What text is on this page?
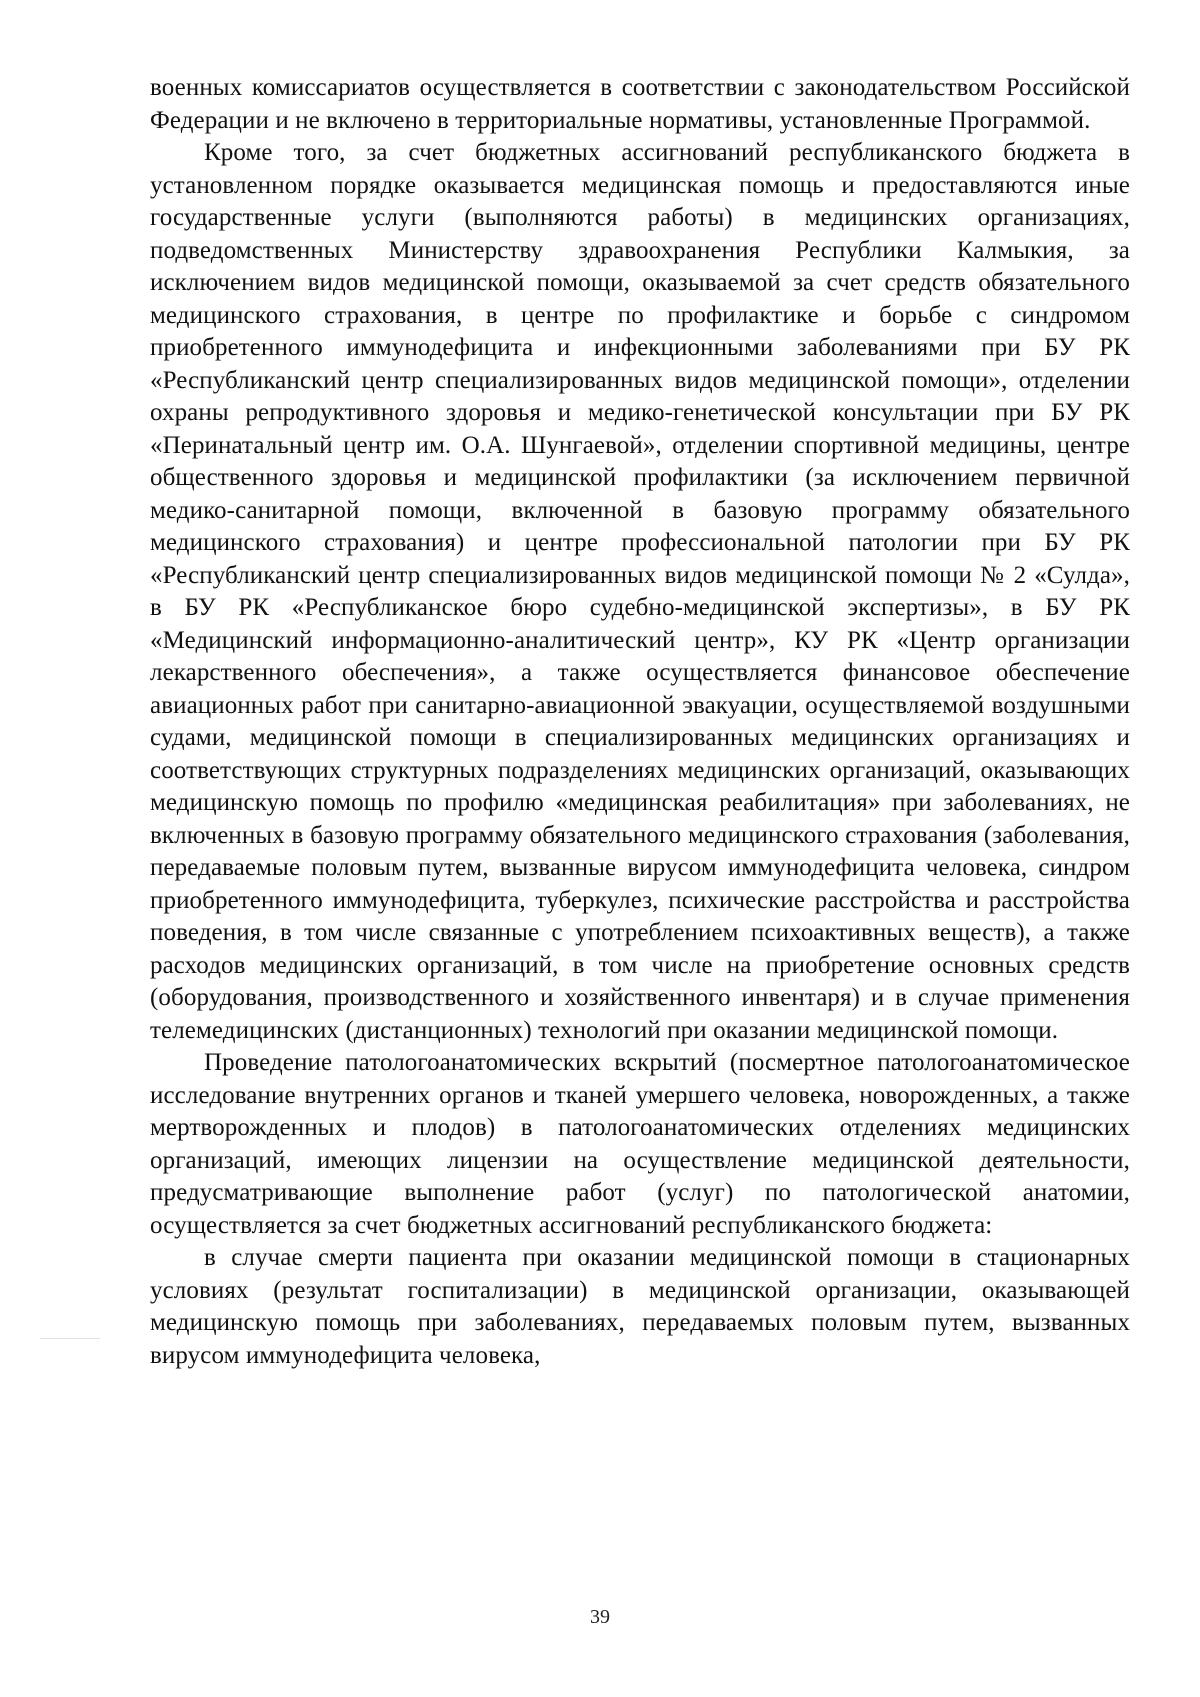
военных комиссариатов осуществляется в соответствии с законодательством Российской Федерации и не включено в территориальные нормативы, установленные Программой.

Кроме того, за счет бюджетных ассигнований республиканского бюджета в установленном порядке оказывается медицинская помощь и предоставляются иные государственные услуги (выполняются работы) в медицинских организациях, подведомственных Министерству здравоохранения Республики Калмыкия, за исключением видов медицинской помощи, оказываемой за счет средств обязательного медицинского страхования, в центре по профилактике и борьбе с синдромом приобретенного иммунодефицита и инфекционными заболеваниями при БУ РК «Республиканский центр специализированных видов медицинской помощи», отделении охраны репродуктивного здоровья и медико-генетической консультации при БУ РК «Перинатальный центр им. О.А. Шунгаевой», отделении спортивной медицины, центре общественного здоровья и медицинской профилактики (за исключением первичной медико-санитарной помощи, включенной в базовую программу обязательного медицинского страхования) и центре профессиональной патологии при БУ РК «Республиканский центр специализированных видов медицинской помощи № 2 «Сулда», в БУ РК «Республиканское бюро судебно-медицинской экспертизы», в БУ РК «Медицинский информационно-аналитический центр», КУ РК «Центр организации лекарственного обеспечения», а также осуществляется финансовое обеспечение авиационных работ при санитарно-авиационной эвакуации, осуществляемой воздушными судами, медицинской помощи в специализированных медицинских организациях и соответствующих структурных подразделениях медицинских организаций, оказывающих медицинскую помощь по профилю «медицинская реабилитация» при заболеваниях, не включенных в базовую программу обязательного медицинского страхования (заболевания, передаваемые половым путем, вызванные вирусом иммунодефицита человека, синдром приобретенного иммунодефицита, туберкулез, психические расстройства и расстройства поведения, в том числе связанные с употреблением психоактивных веществ), а также расходов медицинских организаций, в том числе на приобретение основных средств (оборудования, производственного и хозяйственного инвентаря) и в случае применения телемедицинских (дистанционных) технологий при оказании медицинской помощи.

Проведение патологоанатомических вскрытий (посмертное патологоанатомическое исследование внутренних органов и тканей умершего человека, новорожденных, а также мертворожденных и плодов) в патологоанатомических отделениях медицинских организаций, имеющих лицензии на осуществление медицинской деятельности, предусматривающие выполнение работ (услуг) по патологической анатомии, осуществляется за счет бюджетных ассигнований республиканского бюджета:

в случае смерти пациента при оказании медицинской помощи в стационарных условиях (результат госпитализации) в медицинской организации, оказывающей медицинскую помощь при заболеваниях, передаваемых половым путем, вызванных вирусом иммунодефицита человека,

39
